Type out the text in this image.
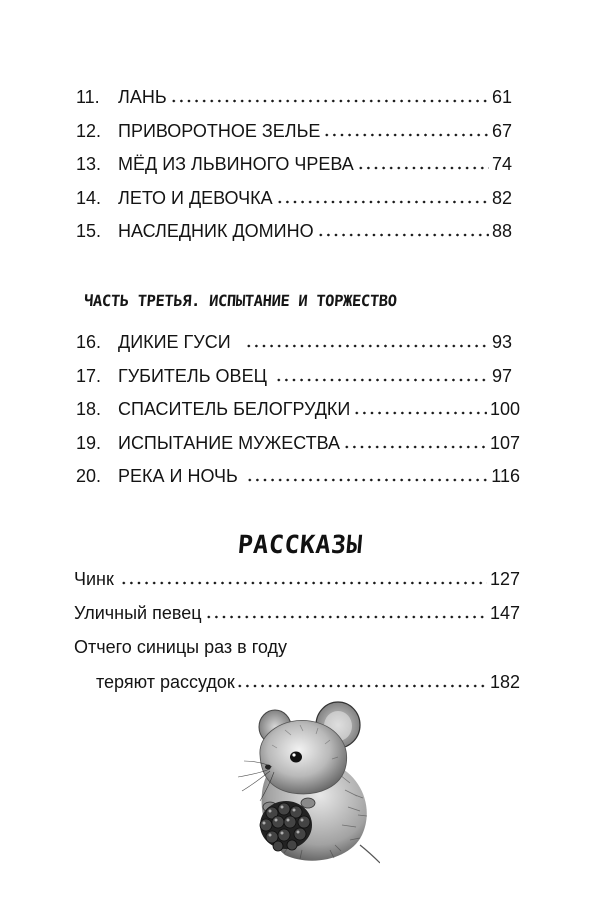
11.	ЛАНЬ	61
12. ПРИВОРОТНОЕ ЗЕЛЬЕ	67
13. МЁД ИЗ ЛЬВИНОГО ЧРЕВА	74
14. ЛЕТО И ДЕВОЧКА	82
15. НАСЛЕДНИК ДОМИНО	88
ЧАСТЬ ТРЕТЬЯ. ИСПЫТАНИЕ И ТОРЖЕСТВО
16. ДИКИЕ ГУСИ	93
17. ГУБИТЕЛЬ ОВЕЦ	97
18. СПАСИТЕЛЬ БЕЛОГРУДКИ	100
19. ИСПЫТАНИЕ МУЖЕСТВА	107
20. РЕКА И НОЧЬ	116
РАССКАЗЫ
Чинк	127
Уличный певец	147

Отчего синицы раз в году

теряют рассудок	182
